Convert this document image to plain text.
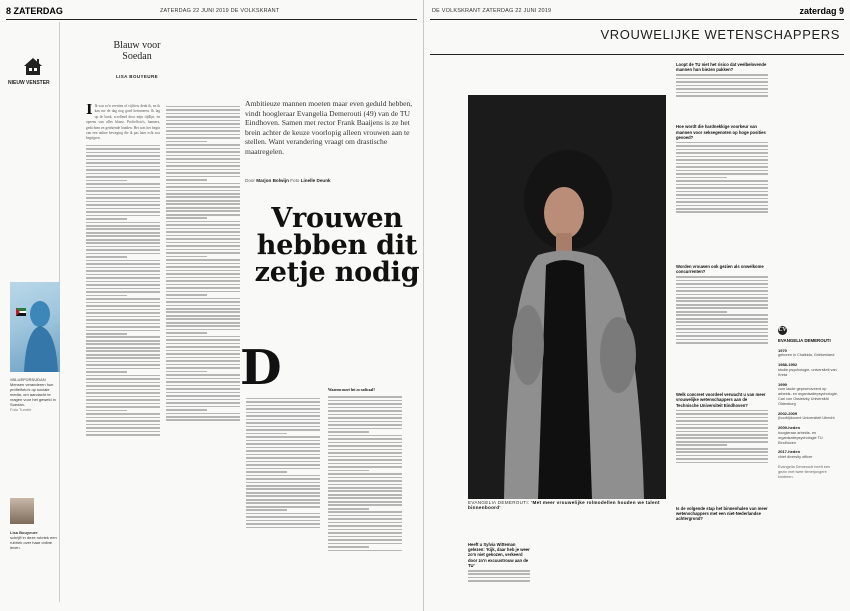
8 ZATERDAG	ZATERDAG 22 JUNI 2019 DE VOLKSKRANT
NIEUW VENSTER
Blauw voor Soedan
LISA BOUYEURE
#BLUEFORSUDAN
Mensen veranderen hun profielfoto's op sociale media, om aandacht te vragen voor het geweld in Soedan.
Foto Tumblr
Lisa Bouyeure
schrijft in deze rubriek een rubriek over haar online leven.

I Ik was zo'n veertien of vijftien, denk ik, en ik kan me de dag nog goed herinneren. Ik lag op de bank, scrollend door mijn tijdlijn, en opeens was alles blauw. Profielfoto's, banners, gedichten en getekende handen. Het was het begin van een online beweging die ik pas later echt zou begrijpen.

Ambitieuze mannen moeten maar even geduld hebben, vindt hoogleraar Evangelia Demerouti (49) van de TU Eindhoven. Samen met rector Frank Baaijens is ze het brein achter de keuze voorlopig alleen vrouwen aan te stellen. Want verandering vraagt om drastische maatregelen.
Door Marjon Bolwijn Foto Linelle Deunk
Vrouwen hebben dit zetje nodig
D	Waarom moet het zo radicaal?

DE VOLKSKRANT ZATERDAG 22 JUNI 2019	zaterdag 9
VROUWELIJKE WETENSCHAPPERS
EVANGELIA DEMEROUTI: 'Met meer vrouwelijke rolmodellen houden we talent binnenboord'
Loopt de TU niet het risico dat veelbelovende mannen hun biezen pakken?

Hoe wordt die hardnekkige voorkeur van mannen voor seksegenoten op hoge posities gevoed?

Worden vrouwen ook gezien als onwelkome concurrenten?

Welk concreet voordeel verwacht u van meer vrouwelijke wetenschappers aan de Technische Universiteit Eindhoven?

Is de volgende stap het binnenhalen van meer wetenschappers met een niet-Nederlandse achtergrond?
Heeft u Sylvia Witteman gelezen: 'Kijk, daar heb je weer zo'n niet gekozen, verkeerd door zo'n excuustrouw aan de TU'
CV
EVANGELIA DEMEROUTI
1970
geboren in Chalkida, Griekenland
1988-1992
studie psychologie, universiteit van Kreta
1999
cum laude gepromoveerd op arbeids- en organisatiepsychologie, Carl von Ossietzky Universität Oldenburg
2002-2009
(hoofd)docent Universiteit Utrecht
2009-heden
hoogleraar arbeids- en organisatiepsychologie TU Eindhoven
2017-heden
chief diversity officer
Evangelia Demerouti heeft een gezin met twee tienerjongere kinderen.
